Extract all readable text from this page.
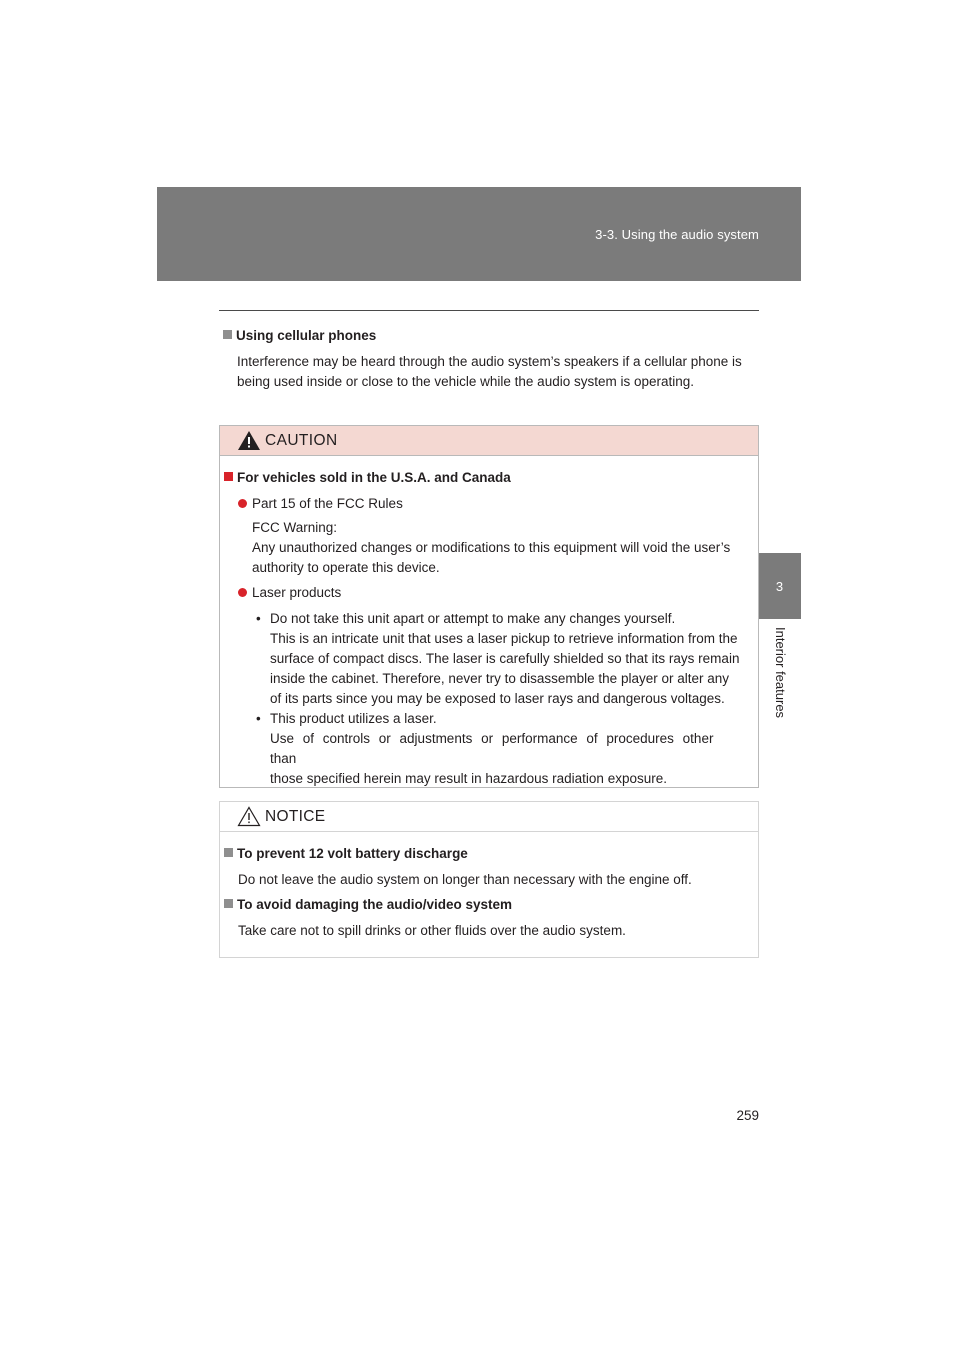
3-3. Using the audio system
3
Interior features
Using cellular phones

Interference may be heard through the audio system’s speakers if a cellular phone is

being used inside or close to the vehicle while the audio system is operating.

CAUTION
For vehicles sold in the U.S.A. and Canada
Part 15 of the FCC Rules

FCC Warning:

Any unauthorized changes or modifications to this equipment will void the user’s

authority to operate this device.

Laser products
• Do not take this unit apart or attempt to make any changes yourself.

This is an intricate unit that uses a laser pickup to retrieve information from the

surface of compact discs. The laser is carefully shielded so that its rays remain

inside the cabinet. Therefore, never try to disassemble the player or alter any

of its parts since you may be exposed to laser rays and dangerous voltages.

• This product utilizes a laser.

Use of controls or adjustments or performance of procedures other than

those specified herein may result in hazardous radiation exposure.

NOTICE
To prevent 12 volt battery discharge

Do not leave the audio system on longer than necessary with the engine off.

To avoid damaging the audio/video system

Take care not to spill drinks or other fluids over the audio system.

259
